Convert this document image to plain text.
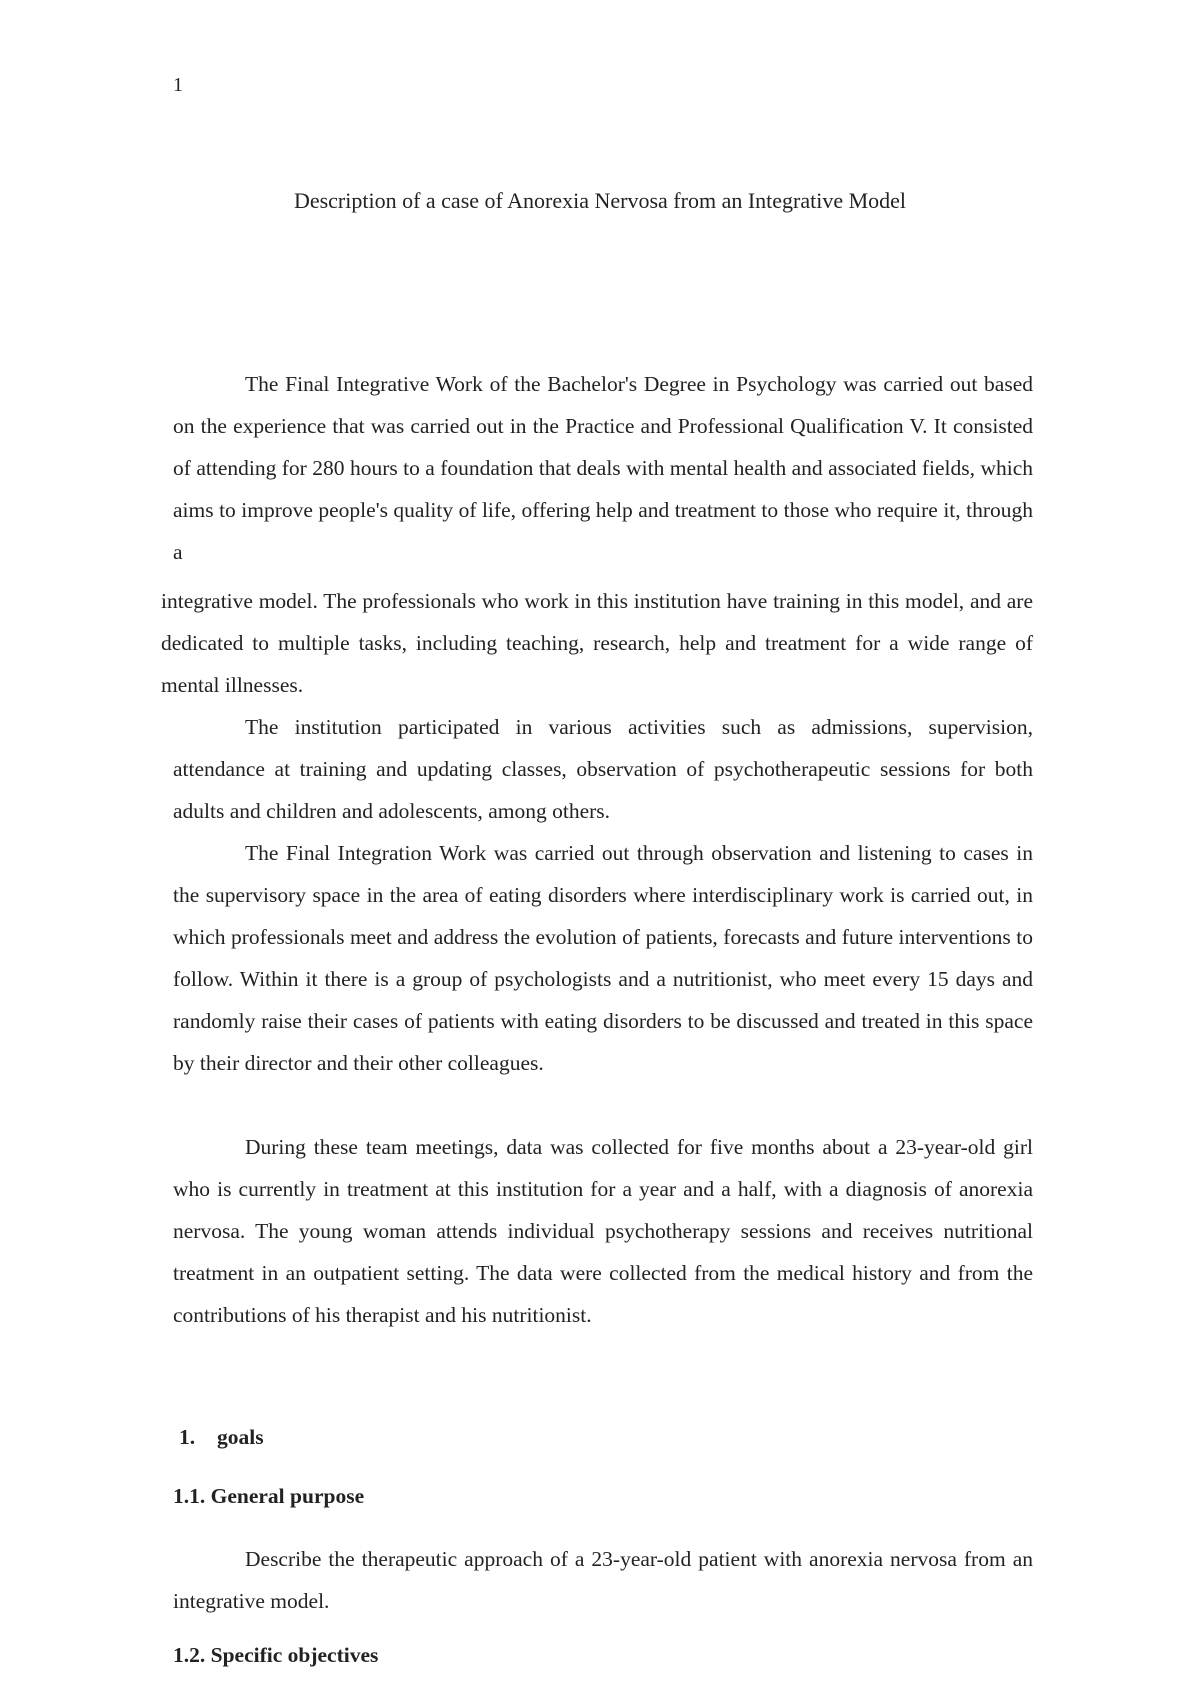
1
Description of a case of Anorexia Nervosa from an Integrative Model

The Final Integrative Work of the Bachelor's Degree in Psychology was carried out based on the experience that was carried out in the Practice and Professional Qualification V. It consisted of attending for 280 hours to a foundation that deals with mental health and associated fields, which aims to improve people's quality of life, offering help and treatment to those who require it, through a

integrative model. The professionals who work in this institution have training in this model, and are dedicated to multiple tasks, including teaching, research, help and treatment for a wide range of mental illnesses.

The institution participated in various activities such as admissions, supervision, attendance at training and updating classes, observation of psychotherapeutic sessions for both adults and children and adolescents, among others.

The Final Integration Work was carried out through observation and listening to cases in the supervisory space in the area of eating disorders where interdisciplinary work is carried out, in which professionals meet and address the evolution of patients, forecasts and future interventions to follow. Within it there is a group of psychologists and a nutritionist, who meet every 15 days and randomly raise their cases of patients with eating disorders to be discussed and treated in this space by their director and their other colleagues.

During these team meetings, data was collected for five months about a 23-year-old girl who is currently in treatment at this institution for a year and a half, with a diagnosis of anorexia nervosa. The young woman attends individual psychotherapy sessions and receives nutritional treatment in an outpatient setting. The data were collected from the medical history and from the contributions of his therapist and his nutritionist.

1. goals
1.1. General purpose

Describe the therapeutic approach of a 23-year-old patient with anorexia nervosa from an integrative model.

1.2. Specific objectives
